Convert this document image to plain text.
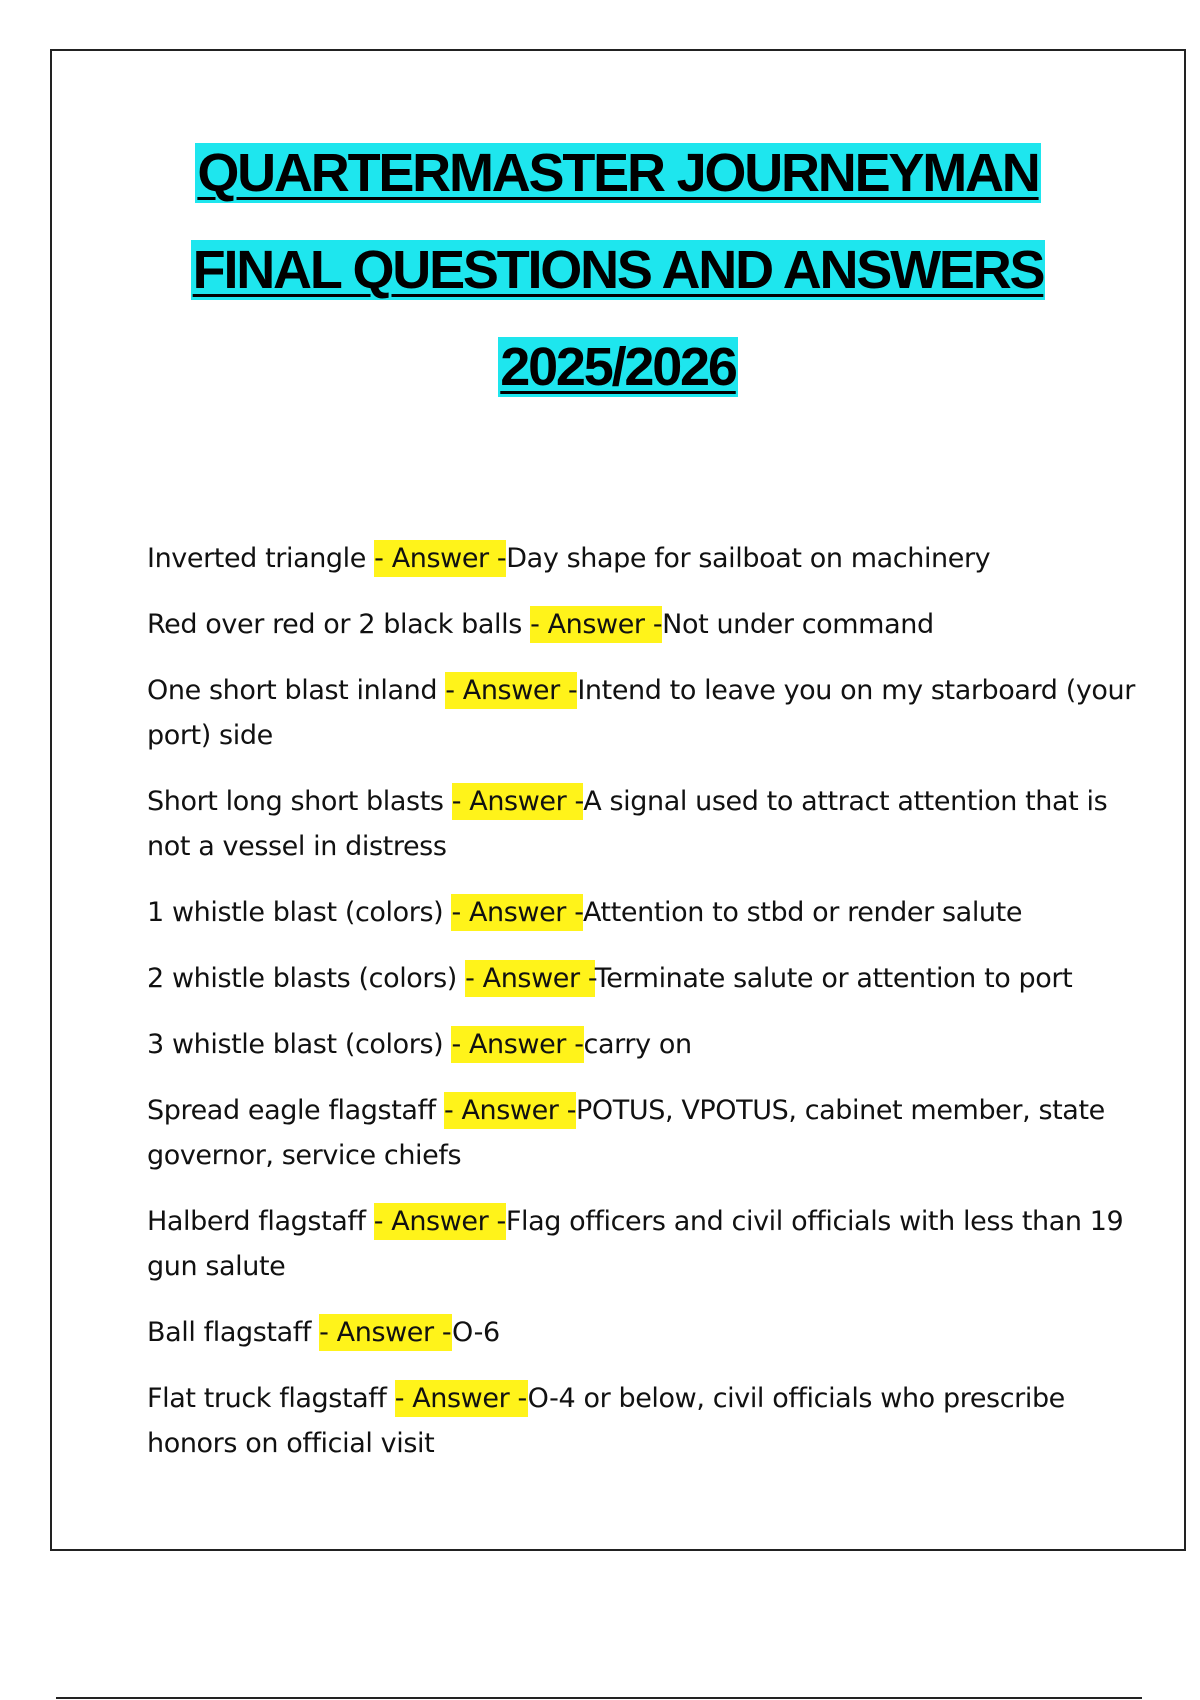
QUARTERMASTER JOURNEYMAN
FINAL QUESTIONS AND ANSWERS
2025/2026

Inverted triangle - Answer -Day shape for sailboat on machinery

Red over red or 2 black balls - Answer -Not under command

One short blast inland - Answer -Intend to leave you on my starboard (your port) side

Short long short blasts - Answer -A signal used to attract attention that is not a vessel in distress

1 whistle blast (colors) - Answer -Attention to stbd or render salute

2 whistle blasts (colors) - Answer -Terminate salute or attention to port

3 whistle blast (colors) - Answer -carry on

Spread eagle flagstaff - Answer -POTUS, VPOTUS, cabinet member, state governor, service chiefs

Halberd flagstaff - Answer -Flag officers and civil officials with less than 19 gun salute

Ball flagstaff - Answer -O-6

Flat truck flagstaff - Answer -O-4 or below, civil officials who prescribe honors on official visit
